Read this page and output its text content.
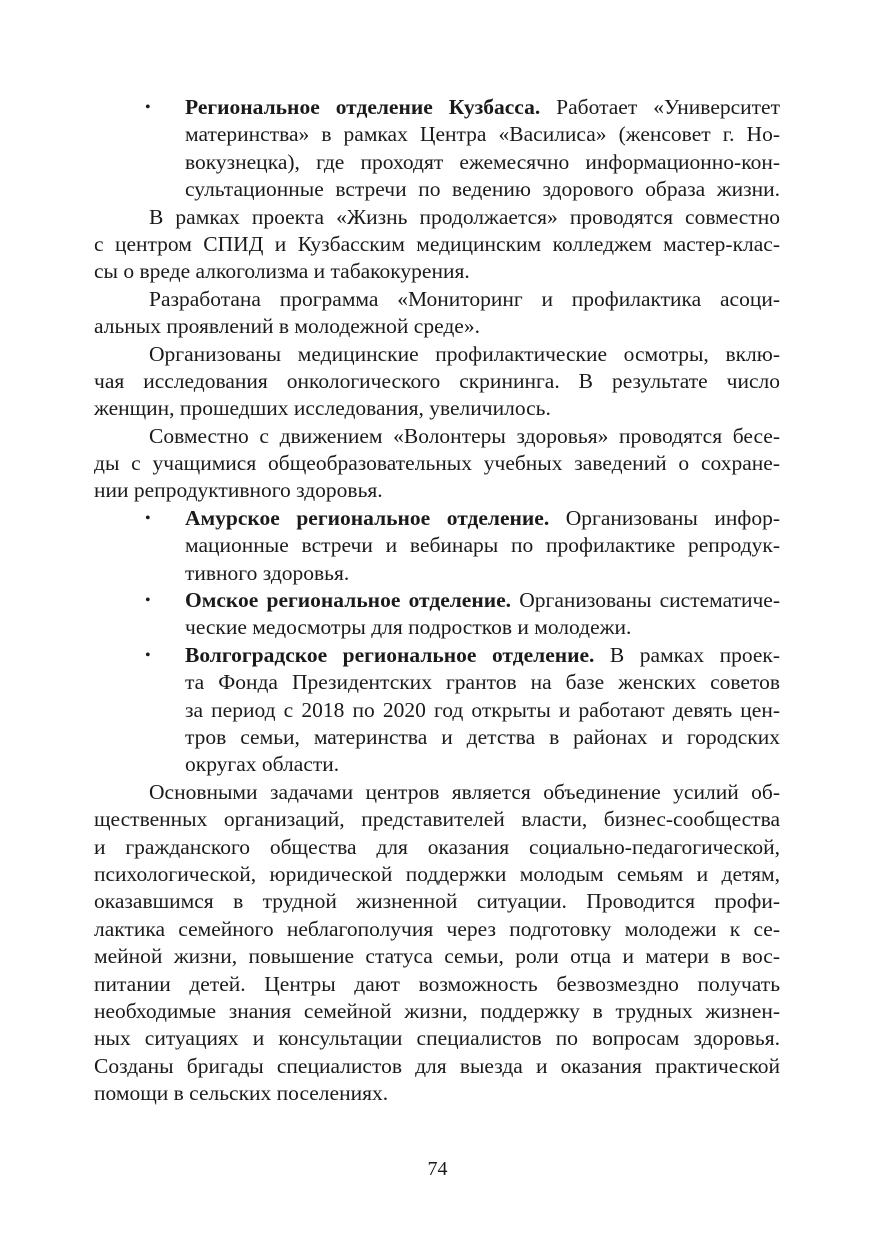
• Региональное отделение Кузбасса. Работает «Университет
материнства» в рамках Центра «Василиса» (женсовет г. Но-
вокузнецка), где проходят ежемесячно информационно-кон-
сультационные встречи по ведению здорового образа жизни.
В рамках проекта «Жизнь продолжается» проводятся совместно
с центром СПИД и Кузбасским медицинским колледжем мастер-клас-
сы о вреде алкоголизма и табакокурения.
Разработана программа «Мониторинг и профилактика асоци-
альных проявлений в молодежной среде».
Организованы медицинские профилактические осмотры, вклю-
чая исследования онкологического скрининга. В результате число
женщин, прошедших исследования, увеличилось.
Совместно с движением «Волонтеры здоровья» проводятся бесе-
ды с учащимися общеобразовательных учебных заведений о сохране-
нии репродуктивного здоровья.
• Амурское региональное отделение. Организованы инфор-
мационные встречи и вебинары по профилактике репродук-
тивного здоровья.
• Омское региональное отделение. Организованы систематиче-
ческие медосмотры для подростков и молодежи.
• Волгоградское региональное отделение. В рамках проек-
та Фонда Президентских грантов на базе женских советов
за период с 2018 по 2020 год открыты и работают девять цен-
тров семьи, материнства и детства в районах и городских
округах области.
Основными задачами центров является объединение усилий об-
щественных организаций, представителей власти, бизнес-сообщества
и гражданского общества для оказания социально-педагогической,
психологической, юридической поддержки молодым семьям и детям,
оказавшимся в трудной жизненной ситуации. Проводится профи-
лактика семейного неблагополучия через подготовку молодежи к се-
мейной жизни, повышение статуса семьи, роли отца и матери в вос-
питании детей. Центры дают возможность безвозмездно получать
необходимые знания семейной жизни, поддержку в трудных жизнен-
ных ситуациях и консультации специалистов по вопросам здоровья.
Созданы бригады специалистов для выезда и оказания практической
помощи в сельских поселениях.
74
